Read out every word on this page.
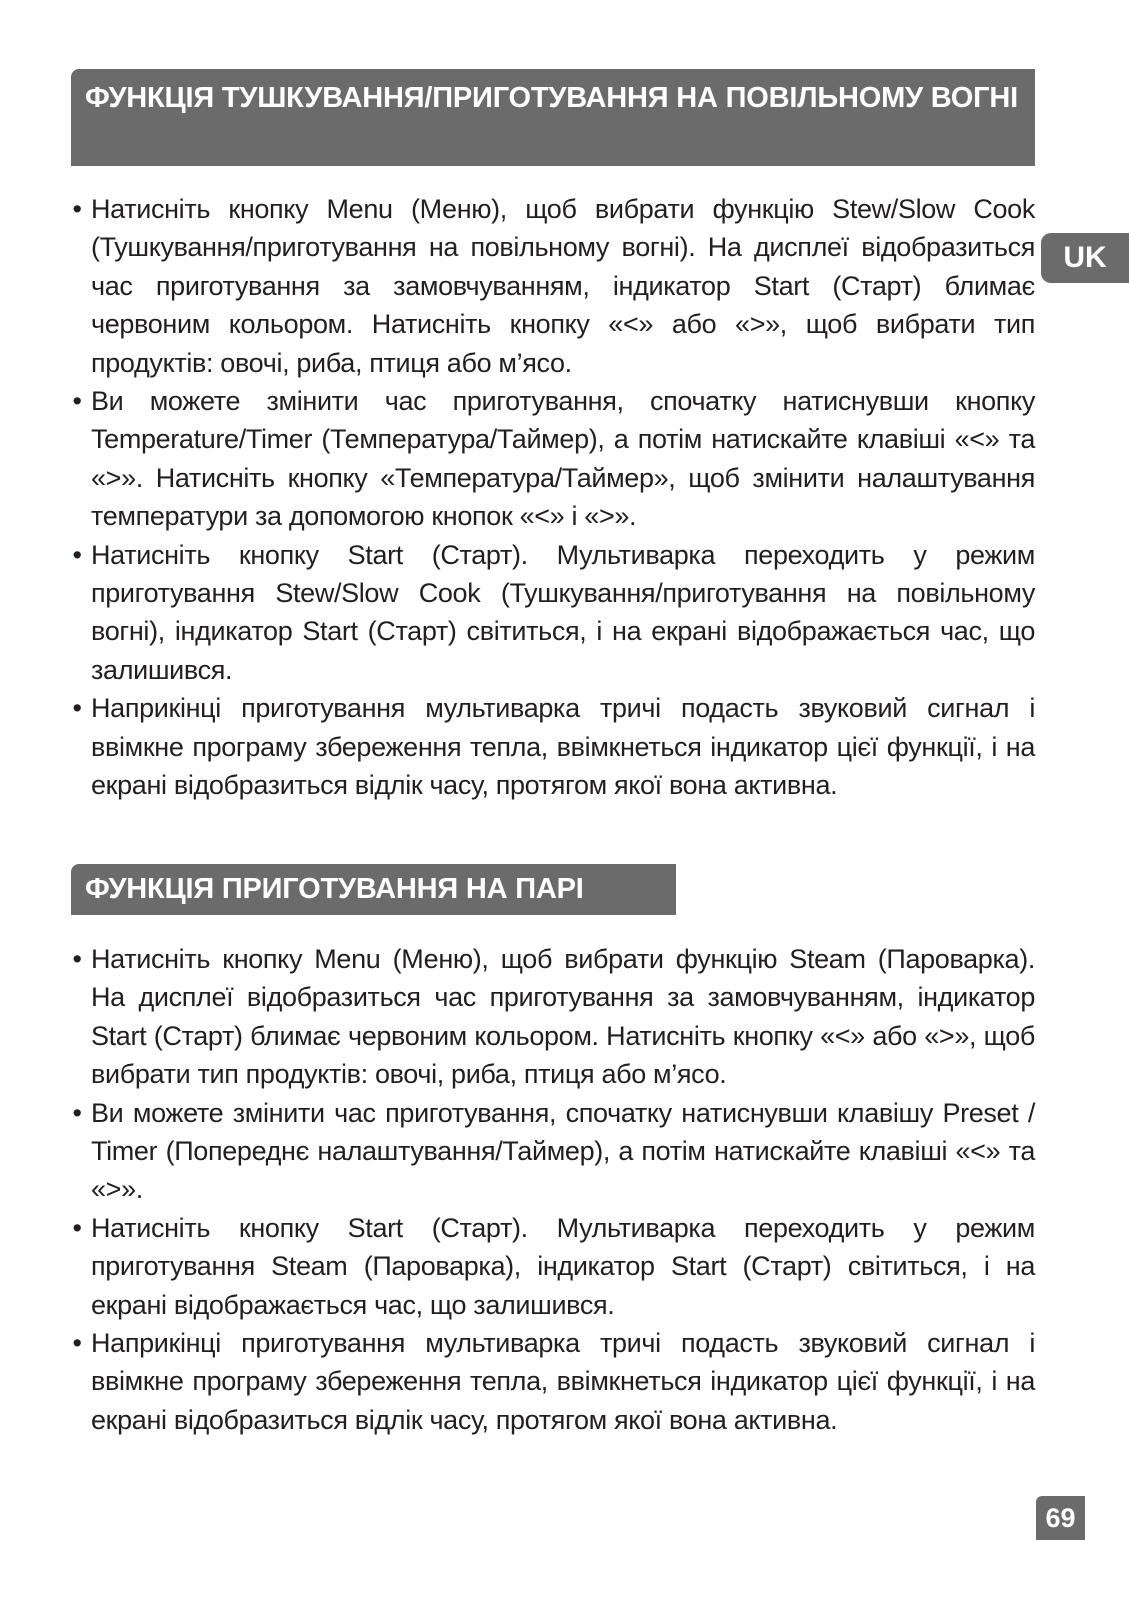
ФУНКЦІЯ ТУШКУВАННЯ/ПРИГОТУВАННЯ НА ПОВІЛЬНОМУ ВОГНІ
• Натисніть кнопку Menu (Меню), щоб вибрати функцію Stew/Slow Cook (Тушкування/приготування на повільному вогні). На дисплеї відобразиться час приготування за замовчуванням, індикатор Start (Старт) блимає червоним кольором. Натисніть кнопку «<» або «>», щоб вибрати тип продуктів: овочі, риба, птиця або м’ясо.
• Ви можете змінити час приготування, спочатку натиснувши кнопку Temperature/Timer (Температура/Таймер), а потім натискайте клавіші «<» та «>». Натисніть кнопку «Температура/Таймер», щоб змінити налаштування температури за допомогою кнопок «<» і «>».
• Натисніть кнопку Start (Старт). Мультиварка переходить у режим приготування Stew/Slow Cook (Тушкування/приготування на повільному вогні), індикатор Start (Старт) світиться, і на екрані відображається час, що залишився.
• Наприкінці приготування мультиварка тричі подасть звуковий сигнал і ввімкне програму збереження тепла, ввімкнеться індикатор цієї функції, і на екрані відобразиться відлік часу, протягом якої вона активна.
ФУНКЦІЯ ПРИГОТУВАННЯ НА ПАРІ
• Натисніть кнопку Menu (Меню), щоб вибрати функцію Steam (Пароварка). На дисплеї відобразиться час приготування за замовчуванням, індикатор Start (Старт) блимає червоним кольором. Натисніть кнопку «<» або «>», щоб вибрати тип продуктів: овочі, риба, птиця або м’ясо.
• Ви можете змінити час приготування, спочатку натиснувши клавішу Preset / Timer (Попереднє налаштування/Таймер), а потім натискайте клавіші «<» та «>».
• Натисніть кнопку Start (Старт). Мультиварка переходить у режим приготування Steam (Пароварка), індикатор Start (Старт) світиться, і на екрані відображається час, що залишився.
• Наприкінці приготування мультиварка тричі подасть звуковий сигнал і ввімкне програму збереження тепла, ввімкнеться індикатор цієї функції, і на екрані відобразиться відлік часу, протягом якої вона активна.
UK
69
